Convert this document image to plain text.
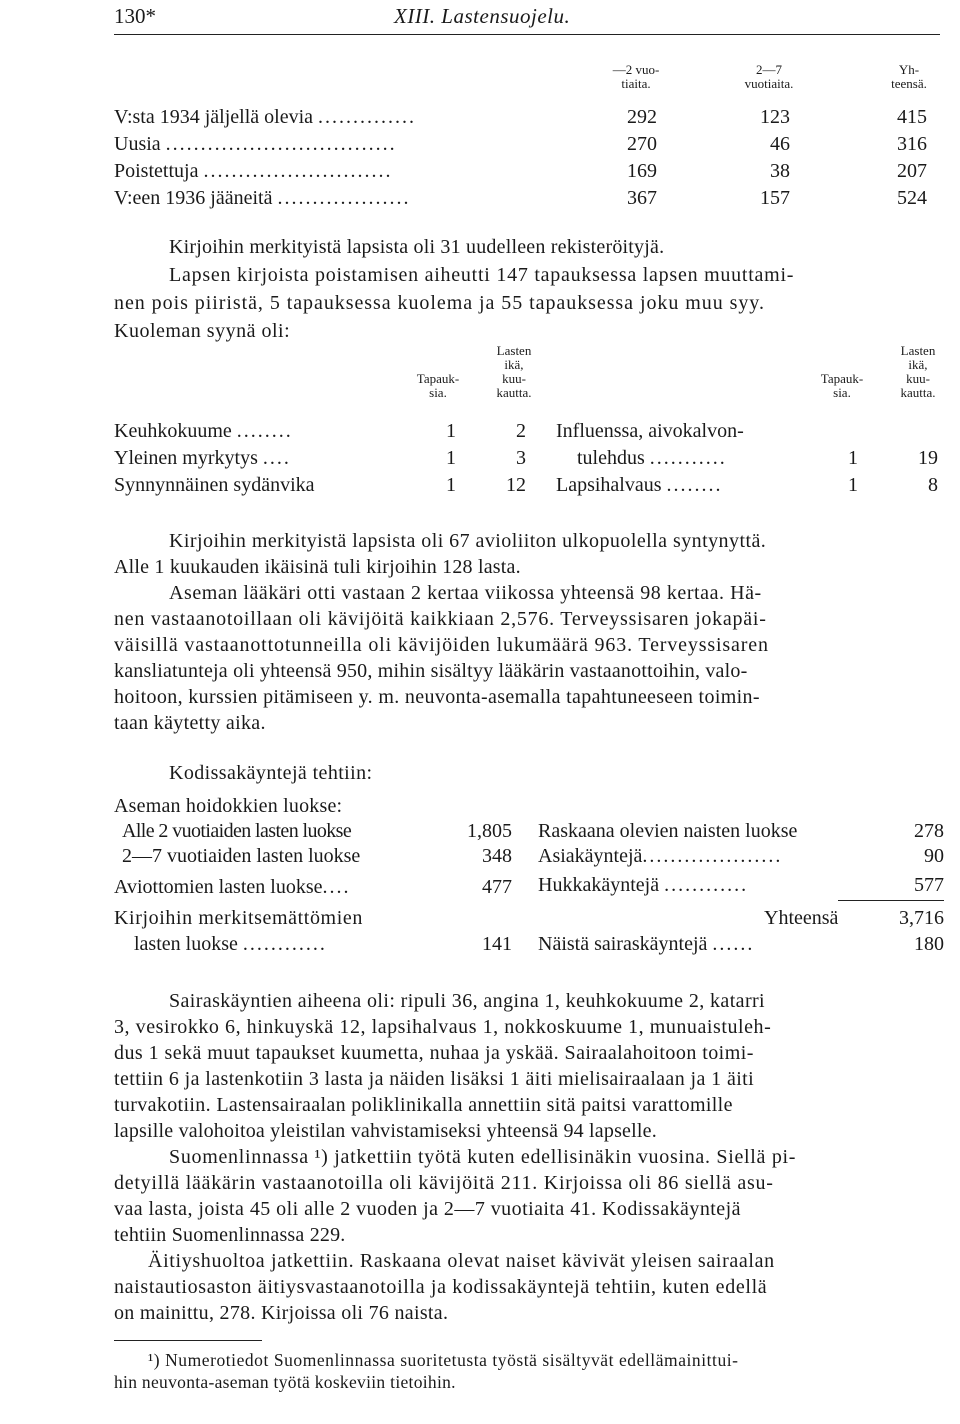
130*	XIII. Lastensuojelu.
—2 vuo-
tiaita.
2—7
vuotiaita.
Yh-
teensä.
V:sta 1934 jäljellä olevia ..............	292	123	415
Uusia .................................	270	46	316
Poistettuja ...........................	169	38	207
V:een 1936 jääneitä ...................	367	157	524
Kirjoihin merkityistä lapsista oli 31 uudelleen rekisteröityjä.
Lapsen kirjoista poistamisen aiheutti 147 tapauksessa lapsen muuttami-
nen pois piiristä, 5 tapauksessa kuolema ja 55 tapauksessa joku muu syy.
Kuoleman syynä oli:

Tapauk-
sia.
Lasten
ikä,
kuu-
kautta.

Tapauk-
sia.
Lasten
ikä,
kuu-
kautta.
Keuhkokuume ........	1	2
Yleinen myrkytys ....	1	3
Synnynnäinen sydänvika	1	12
Influenssa, aivokalvon-
tulehdus ...........	1	19
Lapsihalvaus ........	1	8
Kirjoihin merkityistä lapsista oli 67 avioliiton ulkopuolella syntynyttä.
Alle 1 kuukauden ikäisinä tuli kirjoihin 128 lasta.
Aseman lääkäri otti vastaan 2 kertaa viikossa yhteensä 98 kertaa. Hä-
nen vastaanotoillaan oli kävijöitä kaikkiaan 2,576. Terveyssisaren jokapäi-
väisillä vastaanottotunneilla oli kävijöiden lukumäärä 963. Terveyssisaren
kansliatunteja oli yhteensä 950, mihin sisältyy lääkärin vastaanottoihin, valo-
hoitoon, kurssien pitämiseen y. m. neuvonta-asemalla tapahtuneeseen toimin-
taan käytetty aika.
Kodissakäyntejä tehtiin:
Aseman hoidokkien luokse:
Alle 2 vuotiaiden lasten luokse	1,805
2—7 vuotiaiden lasten luokse	348
Aviottomien lasten luokse....	477
Kirjoihin merkitsemättömien
lasten luokse ............	141
Raskaana olevien naisten luokse	278
Asiakäyntejä....................	90
Hukkakäyntejä ............	577
Yhteensä	3,716
Näistä sairaskäyntejä ......	180
Sairaskäyntien aiheena oli: ripuli 36, angina 1, keuhkokuume 2, katarri
3, vesirokko 6, hinkuyskä 12, lapsihalvaus 1, nokkoskuume 1, munuaistuleh-
dus 1 sekä muut tapaukset kuumetta, nuhaa ja yskää. Sairaalahoitoon toimi-
tettiin 6 ja lastenkotiin 3 lasta ja näiden lisäksi 1 äiti mielisairaalaan ja 1 äiti
turvakotiin. Lastensairaalan poliklinikalla annettiin sitä paitsi varattomille
lapsille valohoitoa yleistilan vahvistamiseksi yhteensä 94 lapselle.
Suomenlinnassa ¹) jatkettiin työtä kuten edellisinäkin vuosina. Siellä pi-
detyillä lääkärin vastaanotoilla oli kävijöitä 211. Kirjoissa oli 86 siellä asu-
vaa lasta, joista 45 oli alle 2 vuoden ja 2—7 vuotiaita 41. Kodissakäyntejä
tehtiin Suomenlinnassa 229.
Äitiyshuoltoa jatkettiin. Raskaana olevat naiset kävivät yleisen sairaalan
naistautiosaston äitiysvastaanotoilla ja kodissakäyntejä tehtiin, kuten edellä
on mainittu, 278. Kirjoissa oli 76 naista.
¹) Numerotiedot Suomenlinnassa suoritetusta työstä sisältyvät edellämainittui-
hin neuvonta-aseman työtä koskeviin tietoihin.
